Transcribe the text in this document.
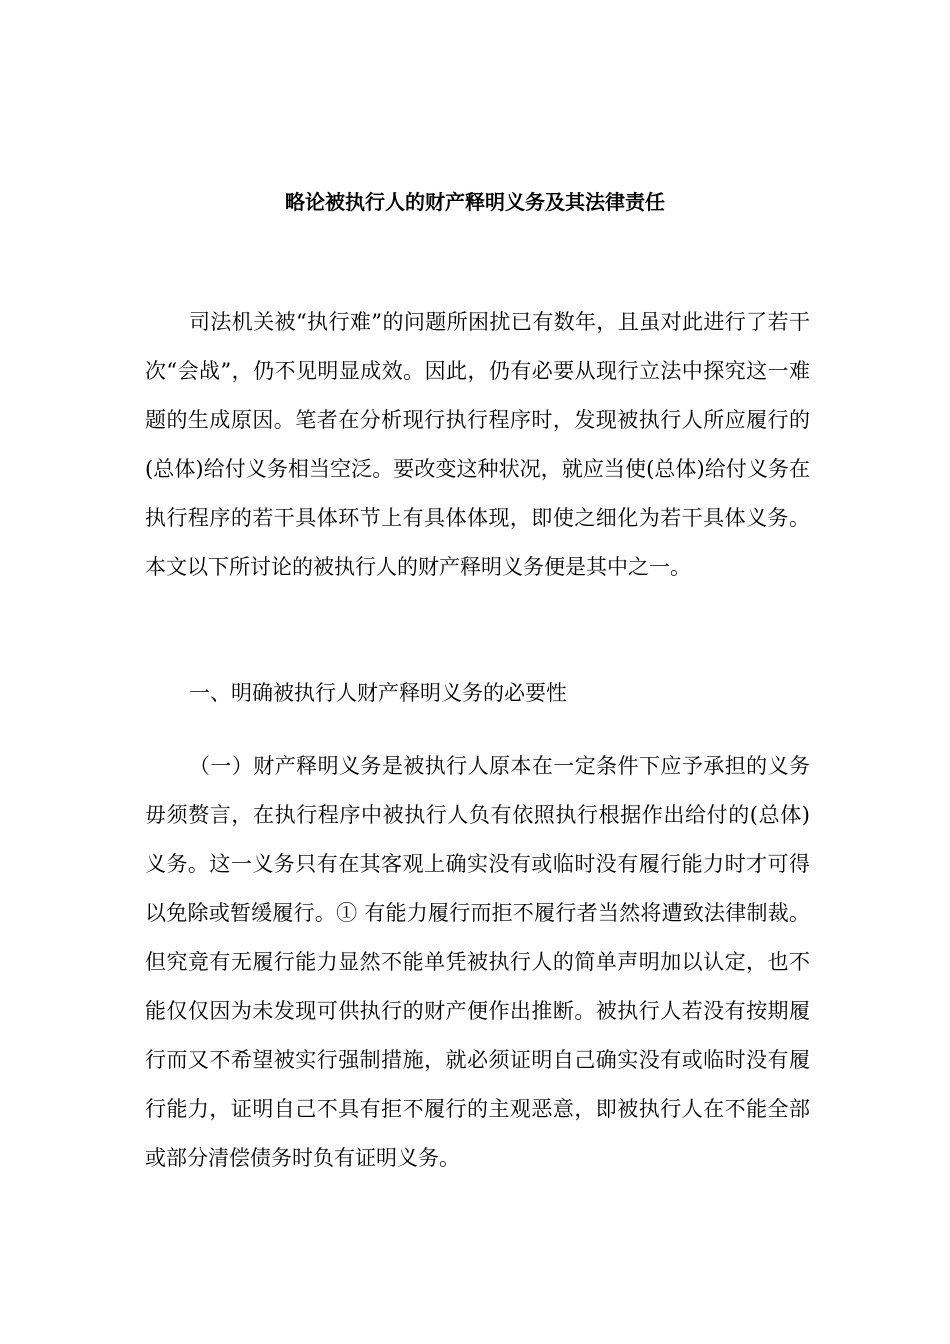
略论被执行人的财产释明义务及其法律责任

司法机关被“执行难”的问题所困扰已有数年，且虽对此进行了若干次“会战”，仍不见明显成效。因此，仍有必要从现行立法中探究这一难题的生成原因。笔者在分析现行执行程序时，发现被执行人所应履行的(总体)给付义务相当空泛。要改变这种状况，就应当使(总体)给付义务在执行程序的若干具体环节上有具体体现，即使之细化为若干具体义务。本文以下所讨论的被执行人的财产释明义务便是其中之一。

一、明确被执行人财产释明义务的必要性

（一）财产释明义务是被执行人原本在一定条件下应予承担的义务毋须赘言，在执行程序中被执行人负有依照执行根据作出给付的(总体)义务。这一义务只有在其客观上确实没有或临时没有履行能力时才可得以免除或暂缓履行。① 有能力履行而拒不履行者当然将遭致法律制裁。但究竟有无履行能力显然不能单凭被执行人的简单声明加以认定，也不能仅仅因为未发现可供执行的财产便作出推断。被执行人若没有按期履行而又不希望被实行强制措施，就必须证明自己确实没有或临时没有履行能力，证明自己不具有拒不履行的主观恶意，即被执行人在不能全部或部分清偿债务时负有证明义务。
